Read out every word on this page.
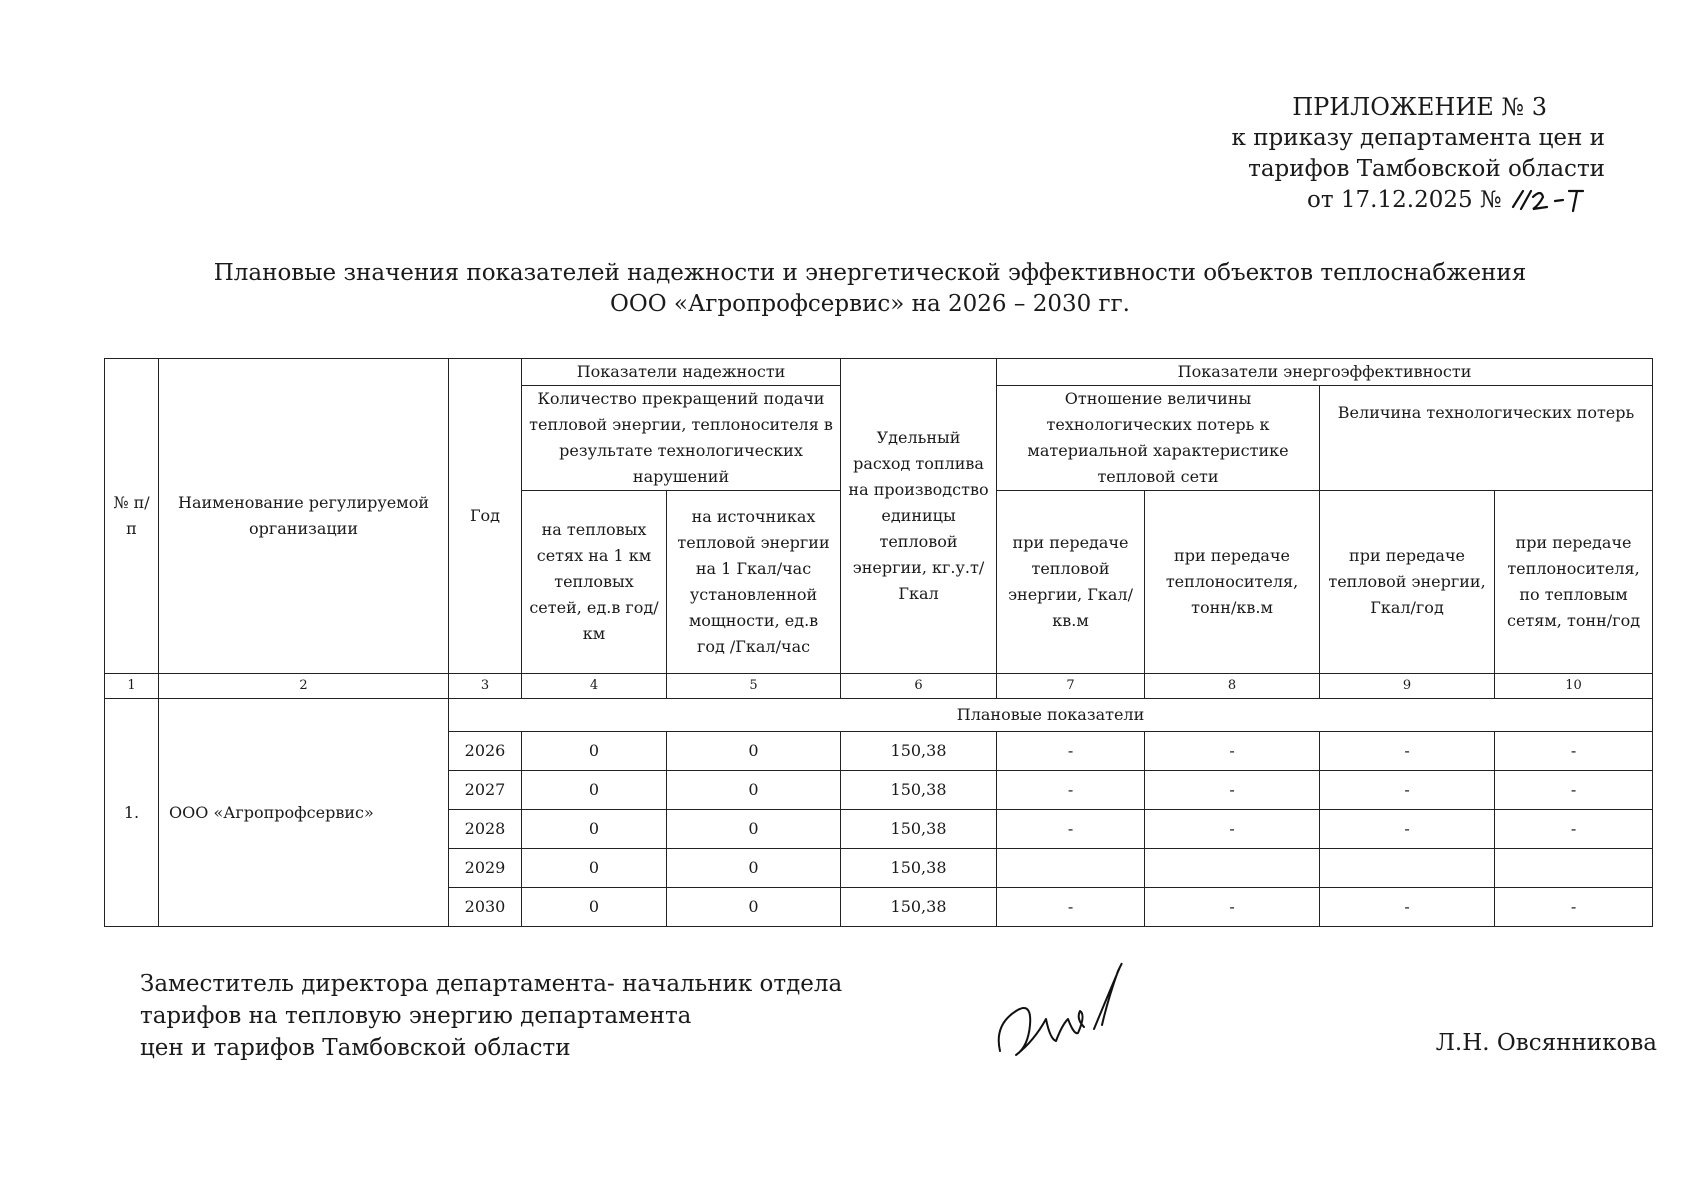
ПРИЛОЖЕНИЕ № 3
к приказу департамента цен и
тарифов Тамбовской области
от 17.12.2025 №
Плановые значения показателей надежности и энергетической эффективности объектов теплоснабжения
ООО «Агропрофсервис» на 2026 – 2030 гг.
№ п/п	Наименование регулируемой организации	Год	Показатели надежности		Удельный расход топлива на производство единицы тепловой энергии, кг.у.т/Гкал	Показатели энергоэффективности			
			Количество прекращений подачи тепловой энергии, теплоносителя в результате технологических нарушений			Отношение величины технологических потерь к материальной характеристике тепловой сети		Величина технологических потерь	
			на тепловых сетях на 1 км тепловых сетей, ед.в год/км	на источниках тепловой энергии на 1 Гкал/час установленной мощности, ед.в год /Гкал/час		при передаче тепловой энергии, Гкал/кв.м	при передаче теплоносителя, тонн/кв.м	при передаче тепловой энергии, Гкал/год	при передаче теплоносителя, по тепловым сетям, тонн/год
1	2	3	4	5	6	7	8	9	10
1.	ООО «Агропрофсервис»	Плановые показатели							
		2026	0	0	150,38	-	-	-	-
		2027	0	0	150,38	-	-	-	-
		2028	0	0	150,38	-	-	-	-
		2029	0	0	150,38				
		2030	0	0	150,38	-	-	-	-
Заместитель директора департамента- начальник отдела
тарифов на тепловую энергию департамента
цен и тарифов Тамбовской области	Л.Н. Овсянникова
